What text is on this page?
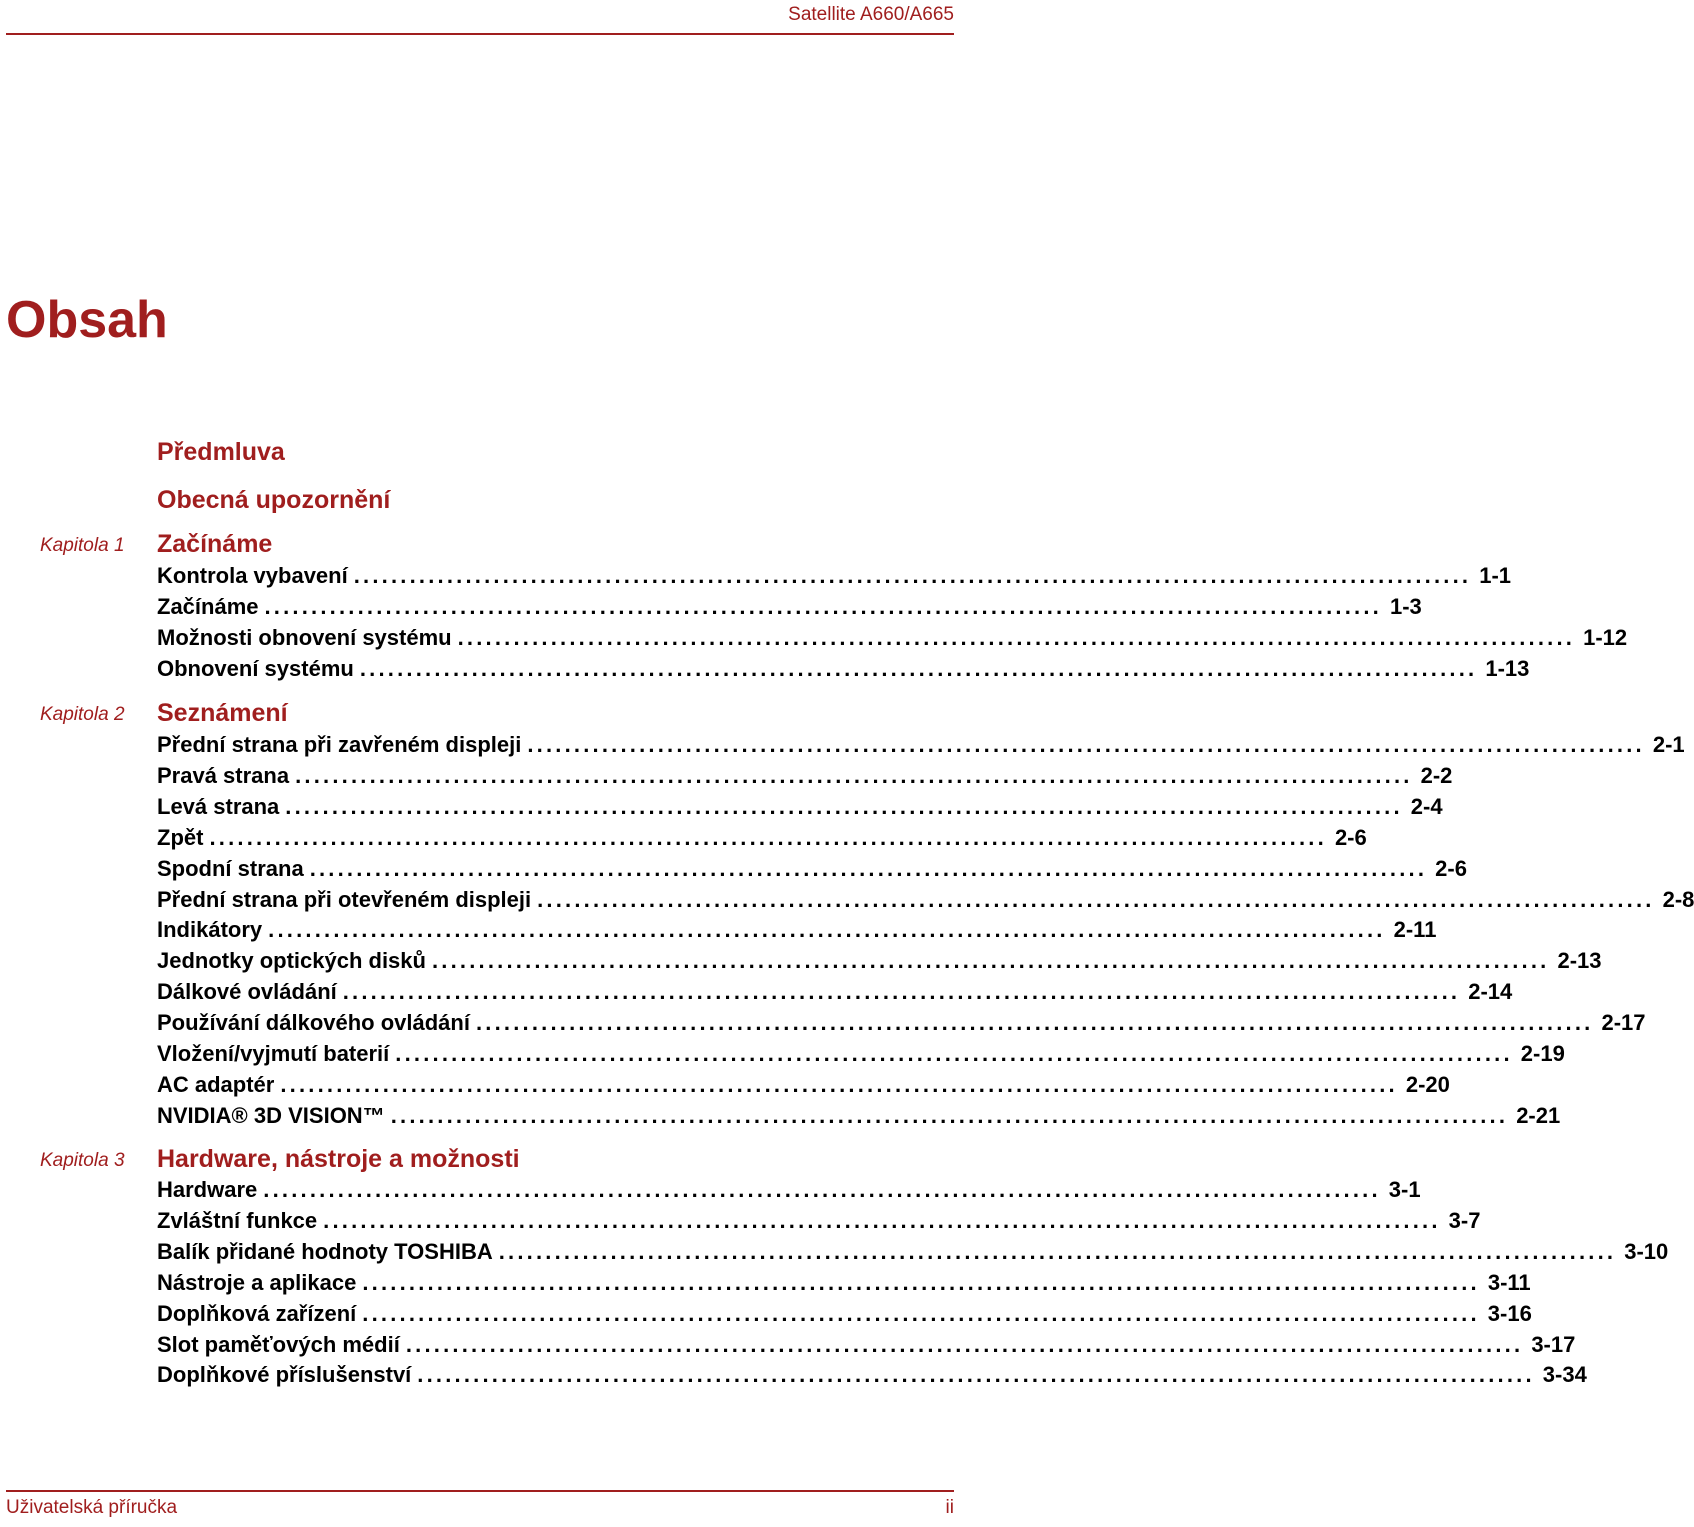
Satellite A660/A665
Obsah
Předmluva
Obecná upozornění
Kapitola 1 Začínáme
Kontrola vybavení ........................................................................................................................ 1-1
Začínáme ........................................................................................................................ 1-3
Možnosti obnovení systému ........................................................................................................................ 1-12
Obnovení systému ........................................................................................................................ 1-13
Kapitola 2 Seznámení
Přední strana při zavřeném displeji ........................................................................................................................ 2-1
Pravá strana ........................................................................................................................ 2-2
Levá strana ........................................................................................................................ 2-4
Zpět ........................................................................................................................ 2-6
Spodní strana ........................................................................................................................ 2-6
Přední strana při otevřeném displeji ........................................................................................................................ 2-8
Indikátory ........................................................................................................................ 2-11
Jednotky optických disků ........................................................................................................................ 2-13
Dálkové ovládání ........................................................................................................................ 2-14
Používání dálkového ovládání ........................................................................................................................ 2-17
Vložení/vyjmutí baterií ........................................................................................................................ 2-19
AC adaptér ........................................................................................................................ 2-20
NVIDIA® 3D VISION™ ........................................................................................................................ 2-21
Kapitola 3 Hardware, nástroje a možnosti
Hardware ........................................................................................................................ 3-1
Zvláštní funkce ........................................................................................................................ 3-7
Balík přidané hodnoty TOSHIBA ........................................................................................................................ 3-10
Nástroje a aplikace ........................................................................................................................ 3-11
Doplňková zařízení ........................................................................................................................ 3-16
Slot paměťových médií ........................................................................................................................ 3-17
Doplňkové příslušenství ........................................................................................................................ 3-34
Uživatelská příručka	ii
